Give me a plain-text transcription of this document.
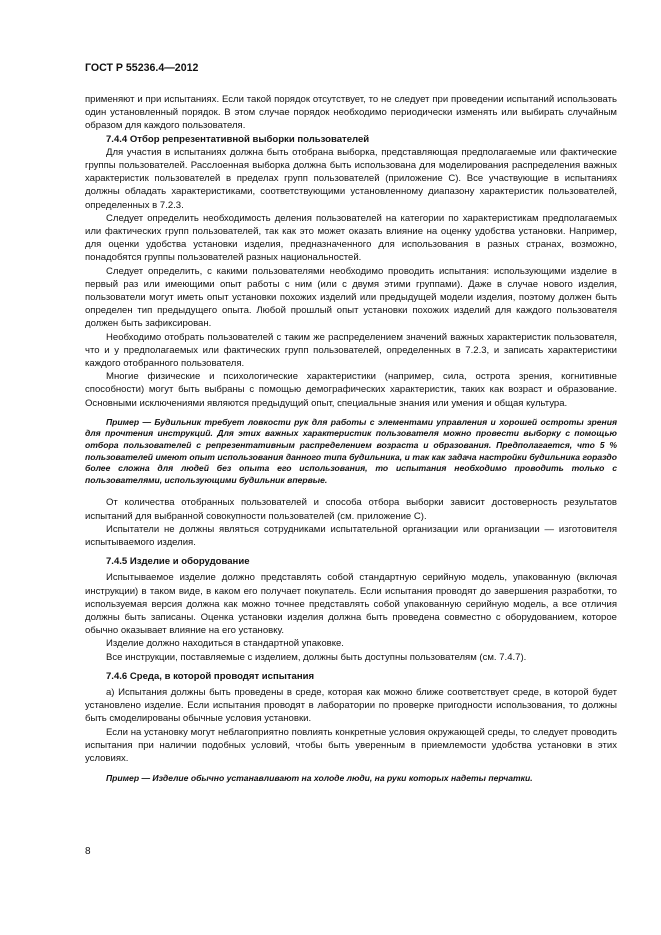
ГОСТ Р 55236.4—2012

применяют и при испытаниях. Если такой порядок отсутствует, то не следует при проведении испытаний использовать один установленный порядок. В этом случае порядок необходимо периодически изменять или выбирать случайным образом для каждого пользователя.

7.4.4 Отбор репрезентативной выборки пользователей

Для участия в испытаниях должна быть отобрана выборка, представляющая предполагаемые или фактические группы пользователей. Расслоенная выборка должна быть использована для моделирования распределения важных характеристик пользователей в пределах групп пользователей (приложение С). Все участвующие в испытаниях должны обладать характеристиками, соответствующими установленному диапазону характеристик пользователей, определенных в 7.2.3.

Следует определить необходимость деления пользователей на категории по характеристикам предполагаемых или фактических групп пользователей, так как это может оказать влияние на оценку удобства установки. Например, для оценки удобства установки изделия, предназначенного для использования в разных странах, возможно, понадобятся группы пользователей разных национальностей.

Следует определить, с какими пользователями необходимо проводить испытания: использующими изделие в первый раз или имеющими опыт работы с ним (или с двумя этими группами). Даже в случае нового изделия, пользователи могут иметь опыт установки похожих изделий или предыдущей модели изделия, поэтому должен быть определен тип предыдущего опыта. Любой прошлый опыт установки похожих изделий для каждого пользователя должен быть зафиксирован.

Необходимо отобрать пользователей с таким же распределением значений важных характеристик пользователя, что и у предполагаемых или фактических групп пользователей, определенных в 7.2.3, и записать характеристики каждого отобранного пользователя.

Многие физические и психологические характеристики (например, сила, острота зрения, когнитивные способности) могут быть выбраны с помощью демографических характеристик, таких как возраст и образование. Основными исключениями являются предыдущий опыт, специальные знания или умения и общая культура.

Пример — Будильник требует ловкости рук для работы с элементами управления и хорошей остроты зрения для прочтения инструкций. Для этих важных характеристик пользователя можно провести выборку с помощью отбора пользователей с репрезентативным распределением возраста и образования. Предполагается, что 5 % пользователей имеют опыт использования данного типа будильника, и так как задача настройки будильника гораздо более сложна для людей без опыта его использования, то испытания необходимо проводить только с пользователями, использующими будильник впервые.

От количества отобранных пользователей и способа отбора выборки зависит достоверность результатов испытаний для выбранной совокупности пользователей (см. приложение С).

Испытатели не должны являться сотрудниками испытательной организации или организации — изготовителя испытываемого изделия.

7.4.5 Изделие и оборудование

Испытываемое изделие должно представлять собой стандартную серийную модель, упакованную (включая инструкции) в таком виде, в каком его получает покупатель. Если испытания проводят до завершения разработки, то используемая версия должна как можно точнее представлять собой упакованную серийную модель, а все отличия должны быть записаны. Оценка установки изделия должна быть проведена совместно с оборудованием, которое обычно оказывает влияние на его установку.

Изделие должно находиться в стандартной упаковке.

Все инструкции, поставляемые с изделием, должны быть доступны пользователям (см. 7.4.7).

7.4.6 Среда, в которой проводят испытания

а) Испытания должны быть проведены в среде, которая как можно ближе соответствует среде, в которой будет установлено изделие. Если испытания проводят в лаборатории по проверке пригодности использования, то должны быть смоделированы обычные условия установки.

Если на установку могут неблагоприятно повлиять конкретные условия окружающей среды, то следует проводить испытания при наличии подобных условий, чтобы быть уверенным в приемлемости удобства установки в этих условиях.

Пример — Изделие обычно устанавливают на холоде люди, на руки которых надеты перчатки.

8
